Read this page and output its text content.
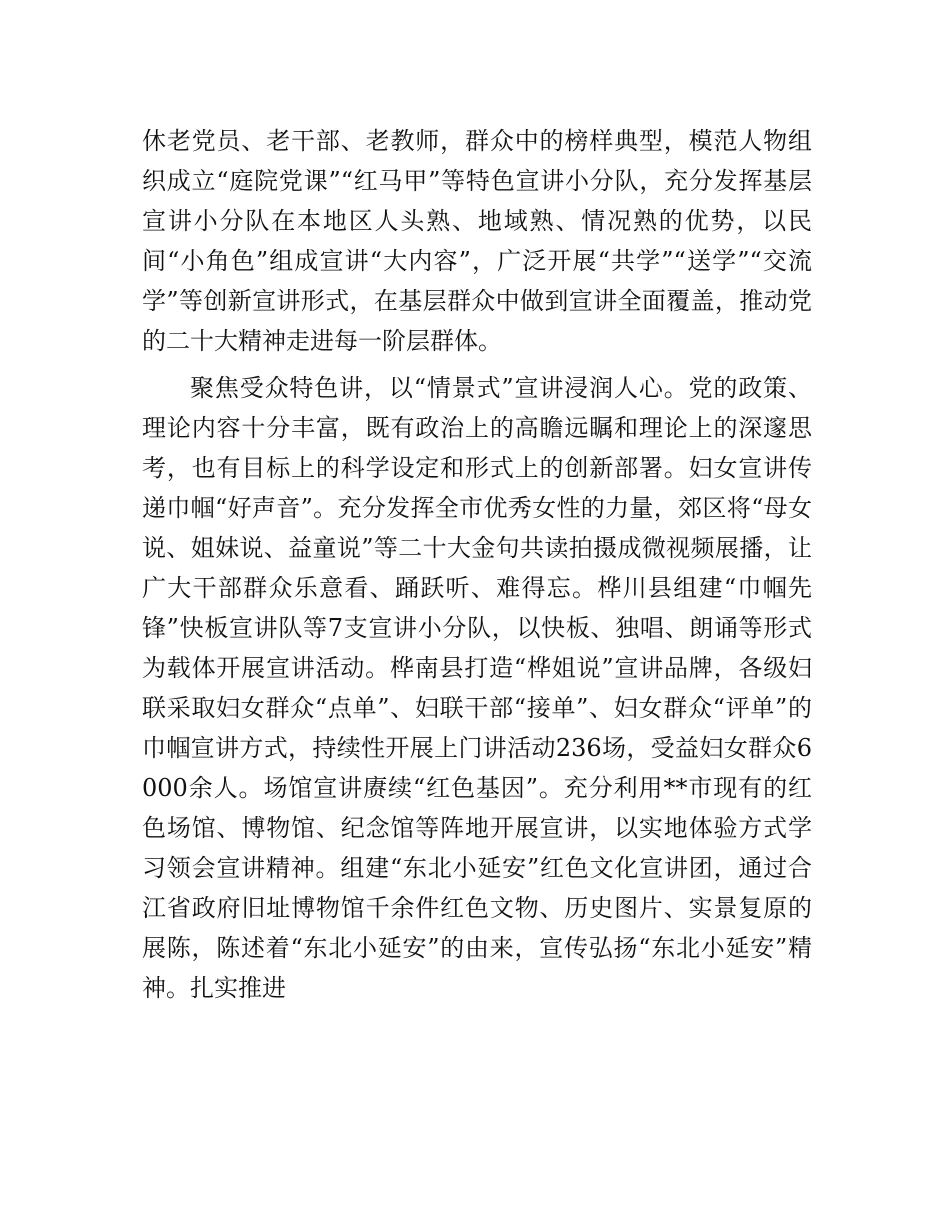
休老党员、老干部、老教师，群众中的榜样典型，模范人物组织成立“庭院党课”“红马甲”等特色宣讲小分队，充分发挥基层宣讲小分队在本地区人头熟、地域熟、情况熟的优势，以民间“小角色”组成宣讲“大内容”，广泛开展“共学”“送学”“交流学”等创新宣讲形式，在基层群众中做到宣讲全面覆盖，推动党的二十大精神走进每一阶层群体。

聚焦受众特色讲，以“情景式”宣讲浸润人心。党的政策、理论内容十分丰富，既有政治上的高瞻远瞩和理论上的深邃思考，也有目标上的科学设定和形式上的创新部署。妇女宣讲传递巾帼“好声音”。充分发挥全市优秀女性的力量，郊区将“母女说、姐妹说、益童说”等二十大金句共读拍摄成微视频展播，让广大干部群众乐意看、踊跃听、难得忘。桦川县组建“巾帼先锋”快板宣讲队等7支宣讲小分队，以快板、独唱、朗诵等形式为载体开展宣讲活动。桦南县打造“桦姐说”宣讲品牌，各级妇联采取妇女群众“点单”、妇联干部“接单”、妇女群众“评单”的巾帼宣讲方式，持续性开展上门讲活动236场，受益妇女群众6000余人。场馆宣讲赓续“红色基因”。充分利用**市现有的红色场馆、博物馆、纪念馆等阵地开展宣讲，以实地体验方式学习领会宣讲精神。组建“东北小延安”红色文化宣讲团，通过合江省政府旧址博物馆千余件红色文物、历史图片、实景复原的展陈，陈述着“东北小延安”的由来，宣传弘扬“东北小延安”精神。扎实推进
